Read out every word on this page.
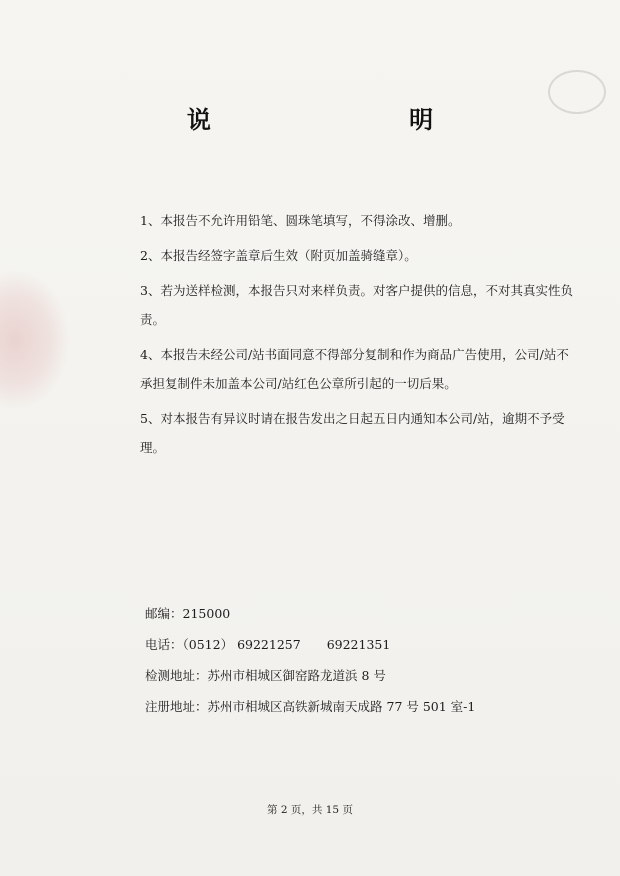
说 明

1、本报告不允许用铅笔、圆珠笔填写，不得涂改、增删。

2、本报告经签字盖章后生效（附页加盖骑缝章）。

3、若为送样检测，本报告只对来样负责。对客户提供的信息，不对其真实性负责。

4、本报告未经公司/站书面同意不得部分复制和作为商品广告使用，公司/站不承担复制件未加盖本公司/站红色公章所引起的一切后果。

5、对本报告有异议时请在报告发出之日起五日内通知本公司/站，逾期不予受理。

邮编：215000
电话：（0512） 69221257 69221351
检测地址：苏州市相城区御窑路龙道浜 8 号
注册地址：苏州市相城区高铁新城南天成路 77 号 501 室-1
第 2 页，共 15 页
